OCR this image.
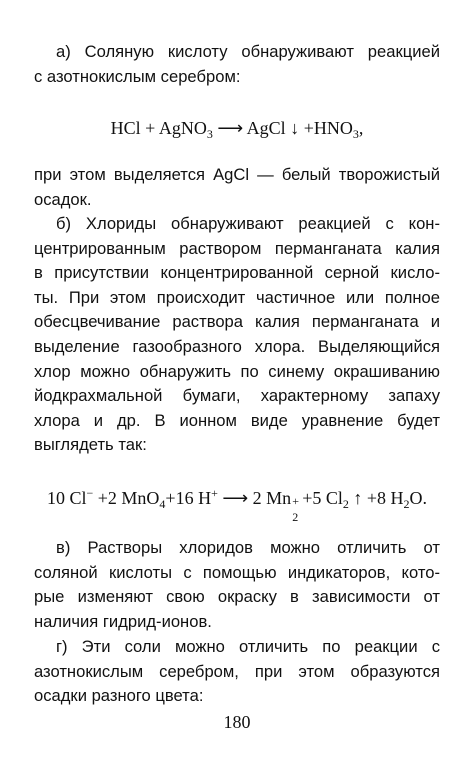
а) Соляную кислоту обнаруживают реакцией
с азотнокислым серебром:

HCl + AgNO$_3$ ⟶ AgCl ↓ $+HNO_3$,

при этом выделяется AgCl — белый творожистый
осадок.

б) Хлориды обнаруживают реакцией с кон-
центрированным раствором перманганата калия
в присутствии концентрированной серной кисло-
ты. При этом происходит частичное или полное
обесцвечивание раствора калия перманганата и
выделение газообразного хлора. Выделяющийся
хлор можно обнаружить по синему окрашиванию
йодкрахмальной бумаги, характерному запаху
хлора и др. В ионном виде уравнение будет
выглядеть так:

10 Cl− +2 MnO$_4$+16 H+ ⟶ 2 Mn +
2
+5 $Cl_2$ ↑ +8 $H_2O$.

в) Растворы хлоридов можно отличить от
соляной кислоты с помощью индикаторов, кото-
рые изменяют свою окраску в зависимости от
наличия гидрид-ионов.

г) Эти соли можно отличить по реакции с
азотнокислым серебром, при этом образуются
осадки разного цвета:

180
